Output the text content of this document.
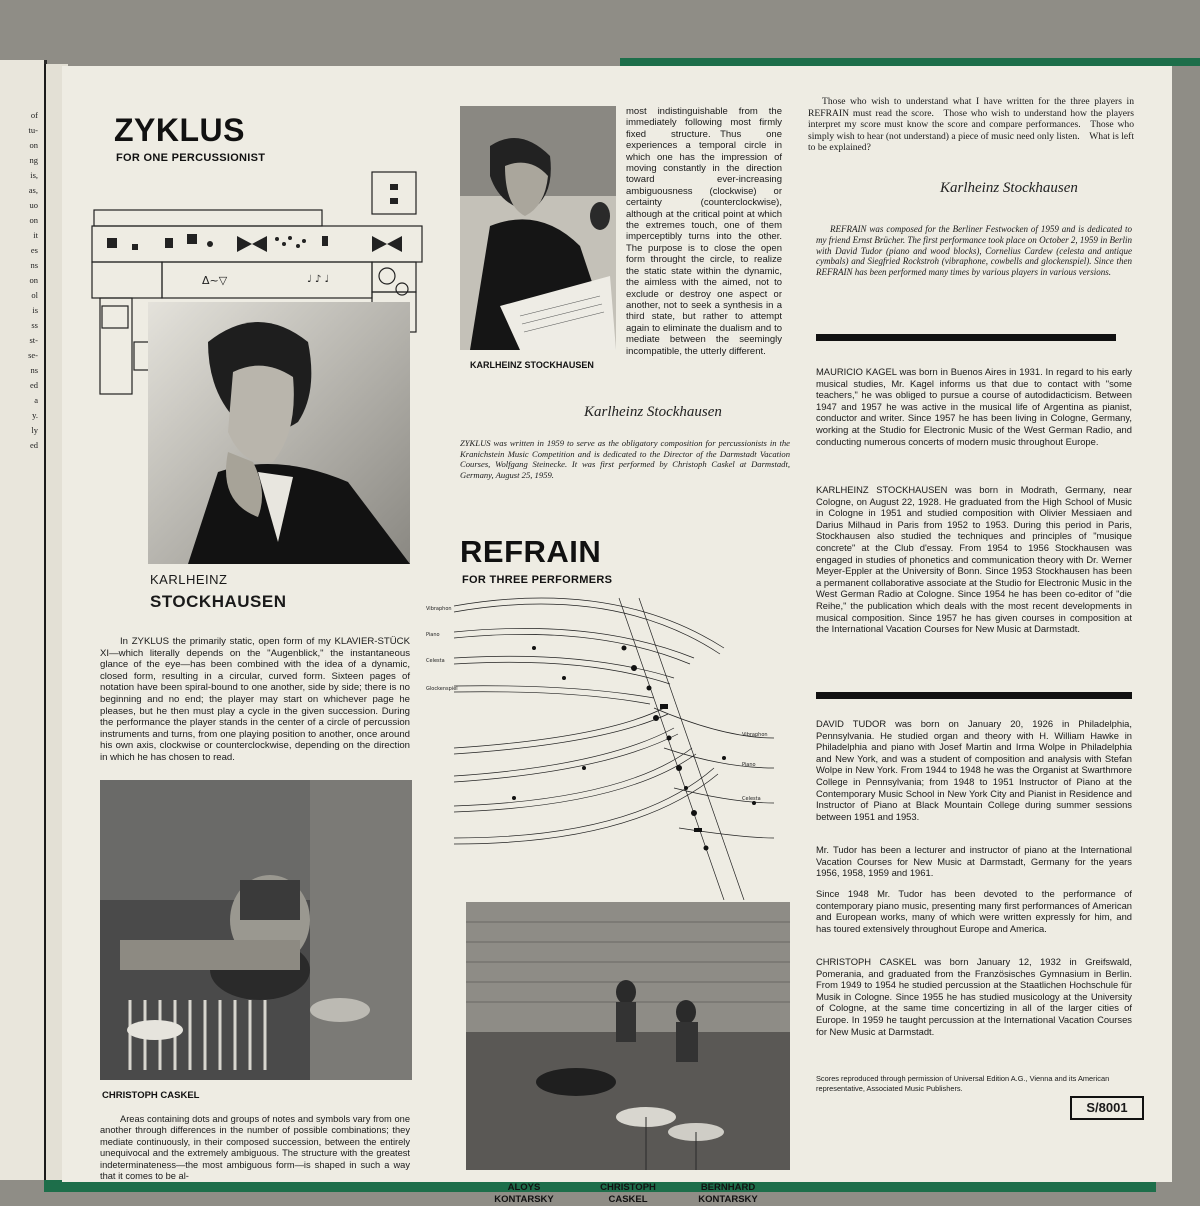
of
tu-
on
ng
is,
as,
uo
on
it
es
ns
on
ol
is
ss
st-
se-
ns
ed
a
y.
ly
ed
ZYKLUS
FOR ONE PERCUSSIONIST
Δ~▽	♩ ♪ ♩
KARLHEINZ
STOCKHAUSEN
In ZYKLUS the primarily static, open form of my KLAVIER-STÜCK XI—which literally depends on the "Augenblick," the instantaneous glance of the eye—has been combined with the idea of a dynamic, closed form, resulting in a circular, curved form. Sixteen pages of notation have been spiral-bound to one another, side by side; there is no beginning and no end; the player may start on whichever page he pleases, but he then must play a cycle in the given succession. During the performance the player stands in the center of a circle of percussion instruments and turns, from one playing position to another, once around his own axis, clockwise or counterclockwise, depending on the direction in which he has chosen to read.
CHRISTOPH CASKEL
Areas containing dots and groups of notes and symbols vary from one another through differences in the number of possible combinations; they mediate continuously, in their composed succession, between the entirely unequivocal and the extremely ambiguous. The structure with the greatest indeterminateness—the most ambiguous form—is shaped in such a way that it comes to be al-
KARLHEINZ STOCKHAUSEN
most indistinguishable from the immediately following most firmly fixed structure. Thus one experiences a temporal circle in which one has the impression of moving constantly in the direction toward ever-increasing ambiguousness (clockwise) or certainty (counterclockwise), although at the critical point at which the extremes touch, one of them imperceptibly turns into the other. The purpose is to close the open form throught the circle, to realize the static state within the dynamic, the aimless with the aimed, not to exclude or destroy one aspect or another, not to seek a synthesis in a third state, but rather to attempt again to eliminate the dualism and to mediate between the seemingly incompatible, the utterly different.
Karlheinz Stockhausen
ZYKLUS was written in 1959 to serve as the obligatory composition for percussionists in the Kranichstein Music Competition and is dedicated to the Director of the Darmstadt Vacation Courses, Wolfgang Steinecke. It was first performed by Christoph Caskel at Darmstadt, Germany, August 25, 1959.
REFRAIN
FOR THREE PERFORMERS
Vibraphon
Piano
Celesta
Glockenspiel
Vibraphon
Piano
Celesta
ALOYS
KONTARSKY
CHRISTOPH
CASKEL
BERNHARD
KONTARSKY
Those who wish to understand what I have written for the three players in REFRAIN must read the score. Those who wish to understand how the players interpret my score must know the score and compare performances. Those who simply wish to hear (not understand) a piece of music need only listen. What is left to be explained?
Karlheinz Stockhausen
REFRAIN was composed for the Berliner Festwocken of 1959 and is dedicated to my friend Ernst Brücher. The first performance took place on October 2, 1959 in Berlin with David Tudor (piano and wood blocks), Cornelius Cardew (celesta and antique cymbals) and Siegfried Rockstroh (vibraphone, cowbells and glockenspiel). Since then REFRAIN has been performed many times by various players in various versions.
MAURICIO KAGEL was born in Buenos Aires in 1931. In regard to his early musical studies, Mr. Kagel informs us that due to contact with "some teachers," he was obliged to pursue a course of autodidacticism. Between 1947 and 1957 he was active in the musical life of Argentina as pianist, conductor and writer. Since 1957 he has been living in Cologne, Germany, working at the Studio for Electronic Music of the West German Radio, and conducting numerous concerts of modern music throughout Europe.
KARLHEINZ STOCKHAUSEN was born in Modrath, Germany, near Cologne, on August 22, 1928. He graduated from the High School of Music in Cologne in 1951 and studied composition with Olivier Messiaen and Darius Milhaud in Paris from 1952 to 1953. During this period in Paris, Stockhausen also studied the techniques and principles of "musique concrete" at the Club d'essay. From 1954 to 1956 Stockhausen was engaged in studies of phonetics and communication theory with Dr. Werner Meyer-Eppler at the University of Bonn. Since 1953 Stockhausen has been a permanent collaborative associate at the Studio for Electronic Music in the West German Radio at Cologne. Since 1954 he has been co-editor of "die Reihe," the publication which deals with the most recent developments in musical composition. Since 1957 he has given courses in composition at the International Vacation Courses for New Music at Darmstadt.
DAVID TUDOR was born on January 20, 1926 in Philadelphia, Pennsylvania. He studied organ and theory with H. William Hawke in Philadelphia and piano with Josef Martin and Irma Wolpe in Philadelphia and New York, and was a student of composition and analysis with Stefan Wolpe in New York. From 1944 to 1948 he was the Organist at Swarthmore College in Pennsylvania; from 1948 to 1951 Instructor of Piano at the Contemporary Music School in New York City and Pianist in Residence and Instructor of Piano at Black Mountain College during summer sessions between 1951 and 1953.
Mr. Tudor has been a lecturer and instructor of piano at the International Vacation Courses for New Music at Darmstadt, Germany for the years 1956, 1958, 1959 and 1961.
Since 1948 Mr. Tudor has been devoted to the performance of contemporary piano music, presenting many first performances of American and European works, many of which were written expressly for him, and has toured extensively throughout Europe and America.
CHRISTOPH CASKEL was born January 12, 1932 in Greifswald, Pomerania, and graduated from the Französisches Gymnasium in Berlin. From 1949 to 1954 he studied percussion at the Staatlichen Hochschule für Musik in Cologne. Since 1955 he has studied musicology at the University of Cologne, at the same time concertizing in all of the larger cities of Europe. In 1959 he taught percussion at the International Vacation Courses for New Music at Darmstadt.
Scores reproduced through permission of Universal Edition A.G., Vienna and its American representative, Associated Music Publishers.
S/8001
